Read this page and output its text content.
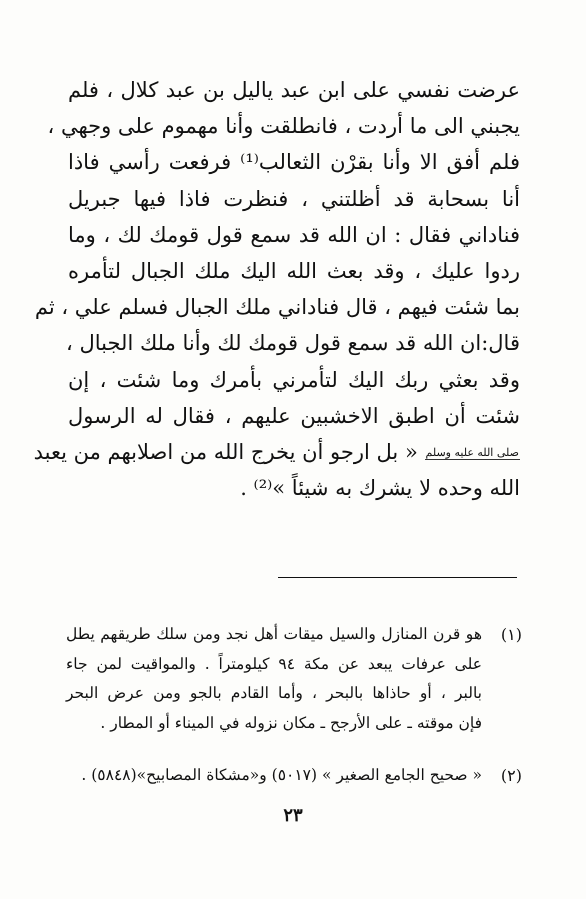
عرضت نفسي على ابن عبد ياليل بن عبد كلال ، فلم
يجبني الى ما أردت ، فانطلقت وأنا مهموم على وجهي ،
فلم أفق الا وأنا بقرْن الثعالب⁽¹⁾ فرفعت رأسي فاذا
أنا بسحابة قد أظلتني ، فنظرت فاذا فيها جبريل
فناداني فقال : ان الله قد سمع قول قومك لك ، وما
ردوا عليك ، وقد بعث الله اليك ملك الجبال لتأمره
بما شئت فيهم ، قال فناداني ملك الجبال فسلم علي ، ثم
قال:ان الله قد سمع قول قومك لك وأنا ملك الجبال ،
وقد بعثي ربك اليك لتأمرني بأمرك وما شئت ، إن
شئت أن اطبق الاخشبين عليهم ، فقال له الرسول
صلى الله عليه وسلم « بل ارجو أن يخرج الله من اصلابهم من يعبد
الله وحده لا يشرك به شيئاً »⁽²⁾ .
(١)
هو قرن المنازل والسيل ميقات أهل نجد ومن سلك طريقهم يطل
على عرفات يبعد عن مكة ٩٤ كيلومتراً . والمواقيت لمن جاء
بالبر ، أو حاذاها بالبحر ، وأما القادم بالجو ومن عرض البحر
فإن موقته ـ على الأرجح ـ مكان نزوله في الميناء أو المطار .
(٢)
« صحيح الجامع الصغير » (٥٠١٧) و«مشكاة المصابيح»(٥٨٤٨) .
٢٣
